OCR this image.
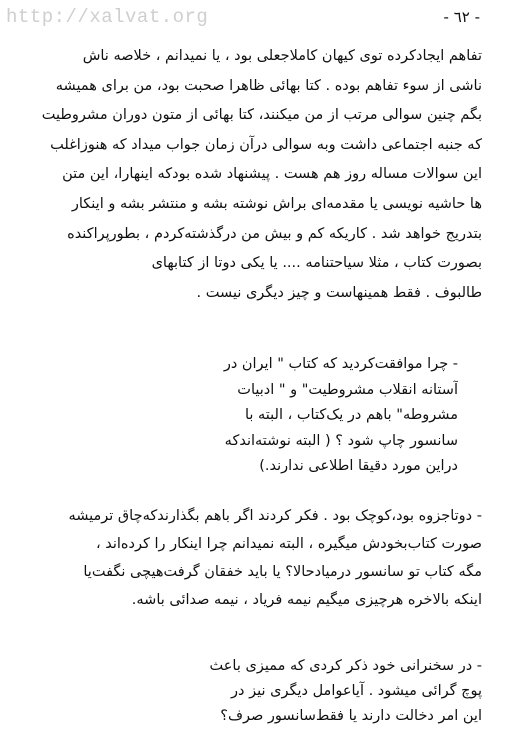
http://xalvat.org	- ٦٢ -
تفاهم ایجادکرده توی کیهان کاملاجعلی بود ، یا نمیدانم ، خلاصه ناش
ناشی از سوء تفاهم بوده . کتا بهائی ظاهرا صحبت بود، من برای همیشه
بگم چنین سوالی مرتب از من میکنند، کتا بهائی از متون دوران مشروطیت
که جنبه اجتماعی داشت وبه سوالی درآن زمان جواب میداد که هنوزاغلب
این سوالات مساله روز هم هست . پیشنهاد شده بودکه اینهارا، این متن
ها حاشیه نویسی یا مقدمه‌ای براش نوشته بشه و منتشر بشه و اینکار
بتدریج خواهد شد . کاریکه کم و بیش من درگذشته‌کردم ، بطورپراکنده
بصورت کتاب ، مثلا سیاحتنامه .... یا یکی دوتا از کتابهای
طالبوف . فقط همینهاست و چیز دیگری نیست .
- چرا موافقت‌کردید که کتاب " ایران در
آستانه انقلاب مشروطیت" و " ادبیات
مشروطه" باهم در یک‌کتاب ، البته با
سانسور چاپ شود ؟ ( البته نوشته‌اندکه
دراین مورد دقیقا اطلاعی ندارند.)
- دوتاجزوه بود،کوچک بود . فکر کردند اگر باهم بگذارندکه‌چاق ترمیشه
صورت کتاب‌بخودش میگیره ، البته نمیدانم چرا اینکار را کرده‌اند ،
مگه کتاب تو سانسور درمیاد‌حالا؟ یا باید خفقان گرفت‌هیچی نگفت‌یا
اینکه بالاخره هرچیزی میگیم نیمه فریاد ، نیمه صدائی باشه.
- در سخنرانی خود ذکر کردی که ممیزی باعث
پوچ گرائی میشود . آیاعوامل دیگری نیز در
این امر دخالت دارند یا فقط‌سانسور صرف؟
